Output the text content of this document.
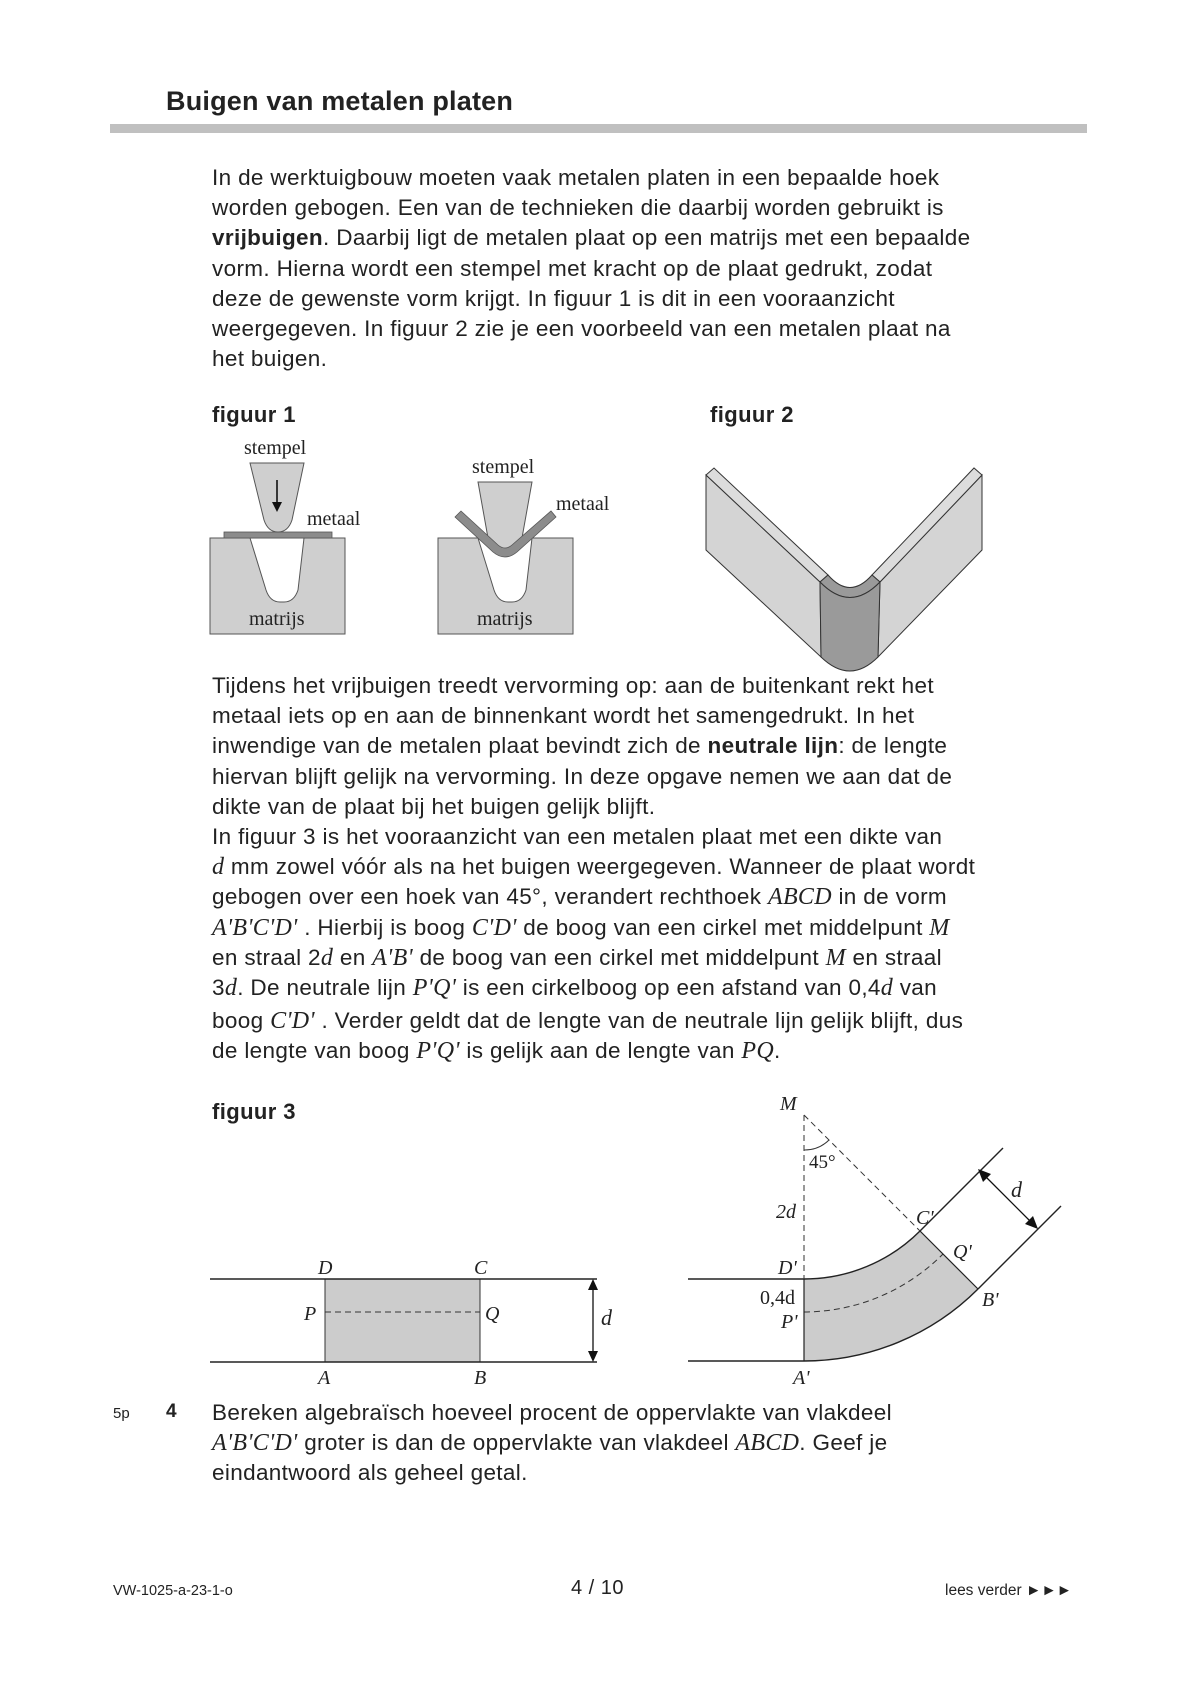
Buigen van metalen platen

In de werktuigbouw moeten vaak metalen platen in een bepaalde hoek

worden gebogen. Een van de technieken die daarbij worden gebruikt is

vrijbuigen. Daarbij ligt de metalen plaat op een matrijs met een bepaalde

vorm. Hierna wordt een stempel met kracht op de plaat gedrukt, zodat

deze de gewenste vorm krijgt. In figuur 1 is dit in een vooraanzicht

weergegeven. In figuur 2 zie je een voorbeeld van een metalen plaat na

het buigen.

figuur 1	figuur 2
stempel
metaal
matrijs
stempel
metaal
matrijs

Tijdens het vrijbuigen treedt vervorming op: aan de buitenkant rekt het

metaal iets op en aan de binnenkant wordt het samengedrukt. In het

inwendige van de metalen plaat bevindt zich de neutrale lijn: de lengte

hiervan blijft gelijk na vervorming. In deze opgave nemen we aan dat de

dikte van de plaat bij het buigen gelijk blijft.

In figuur 3 is het vooraanzicht van een metalen plaat met een dikte van

d mm zowel vóór als na het buigen weergegeven. Wanneer de plaat wordt

gebogen over een hoek van 45°, verandert rechthoek ABCD in de vorm

A'B'C'D' . Hierbij is boog C'D' de boog van een cirkel met middelpunt M

en straal 2d en A'B' de boog van een cirkel met middelpunt M en straal

3d. De neutrale lijn P'Q' is een cirkelboog op een afstand van 0,4d van

boog C'D' . Verder geldt dat de lengte van de neutrale lijn gelijk blijft, dus

de lengte van boog P'Q' is gelijk aan de lengte van PQ.

figuur 3
D	C
P	Q
A	B
d
M
45°
2d	C'
D'
Q'
0,4d
P'
B'
A'
d
5p 4 Bereken algebraïsch hoeveel procent de oppervlakte van vlakdeel

A'B'C'D' groter is dan de oppervlakte van vlakdeel ABCD. Geef je

eindantwoord als geheel getal.

VW-1025-a-23-1-o	4 / 10	lees verder ►►►
